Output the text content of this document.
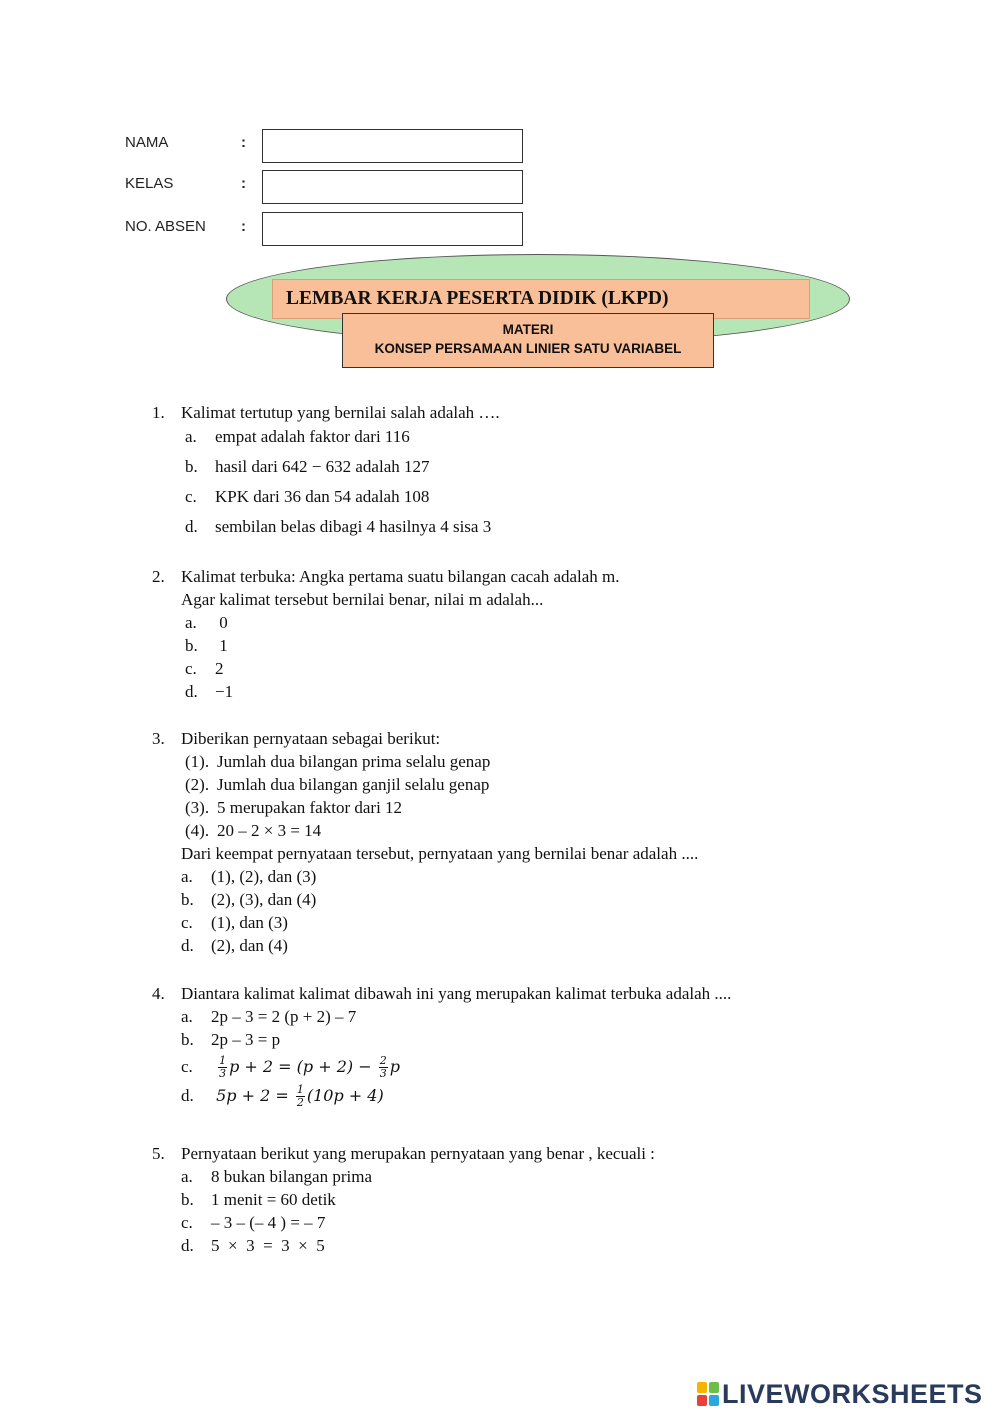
NAMA	:
KELAS	:
NO. ABSEN :
LEMBAR KERJA PESERTA DIDIK (LKPD)
MATERI
KONSEP PERSAMAAN LINIER SATU VARIABEL
1. Kalimat tertutup yang bernilai salah adalah ….
a. empat adalah faktor dari 116
b. hasil dari 642 − 632 adalah 127
c. KPK dari 36 dan 54 adalah 108
d. sembilan belas dibagi 4 hasilnya 4 sisa 3
2. Kalimat terbuka: Angka pertama suatu bilangan cacah adalah m.
Agar kalimat tersebut bernilai benar, nilai m adalah...
a. 0
b. 1
c. 2
d. −1
3. Diberikan pernyataan sebagai berikut:
(1). Jumlah dua bilangan prima selalu genap
(2). Jumlah dua bilangan ganjil selalu genap
(3). 5 merupakan faktor dari 12
(4). 20 – 2 × 3 = 14
Dari keempat pernyataan tersebut, pernyataan yang bernilai benar adalah ....
a. (1), (2), dan (3)
b. (2), (3), dan (4)
c. (1), dan (3)
d. (2), dan (4)
4. Diantara kalimat kalimat dibawah ini yang merupakan kalimat terbuka adalah ....
a. 2p – 3 = 2 (p + 2) – 7
b. 2p – 3 = p
c. $\frac{1}{3}$ $p + 2 = (p + 2) - \frac{2}{3}$ p
d. $5p + 2 = \frac{1}{2} (10p + 4)$
5. Pernyataan berikut yang merupakan pernyataan yang benar , kecuali :
a. 8 bukan bilangan prima
b. 1 menit = 60 detik
c. – 3 – (– 4 ) = – 7
d. 5  ×  3  =  3  ×  5
LIVEWORKSHEETS
